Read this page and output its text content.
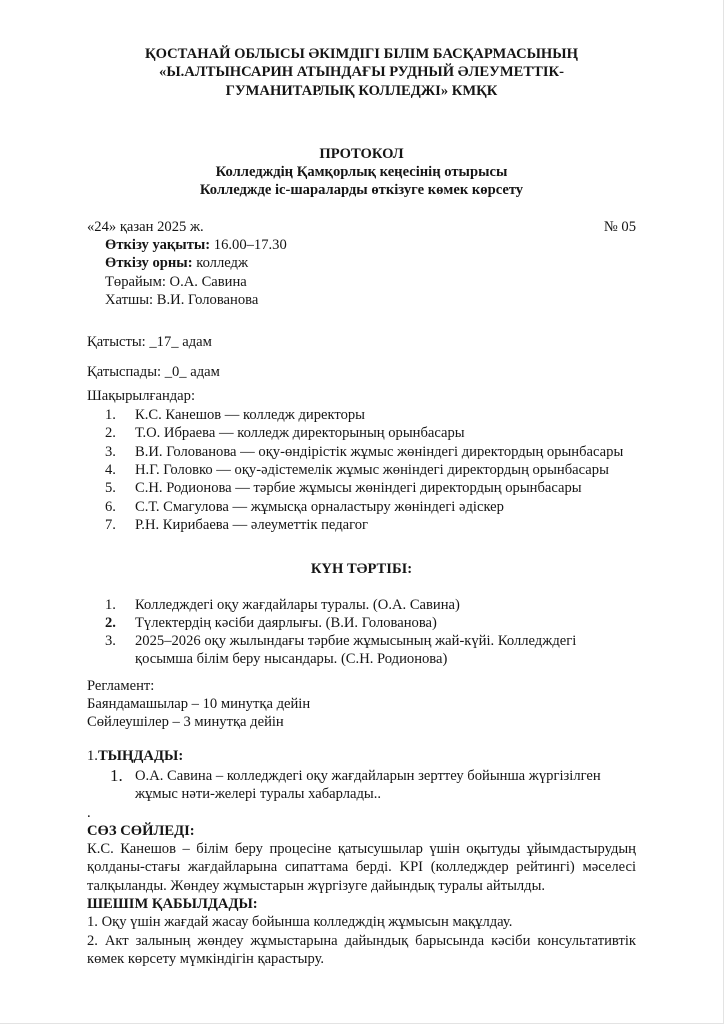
ҚОСТАНАЙ ОБЛЫСЫ ӘКІМДІГІ БІЛІМ БАСҚАРМАСЫНЫҢ «Ы.АЛТЫНСАРИН АТЫНДАҒЫ РУДНЫЙ ӘЛЕУМЕТТІК-ГУМАНИТАРЛЫҚ КОЛЛЕДЖІ» КМҚК
ПРОТОКОЛ
Колледждің Қамқорлық кеңесінің отырысы
Колледжде іс-шараларды өткізуге көмек көрсету
«24» қазан 2025 ж.	№ 05
Өткізу уақыты: 16.00–17.30
Өткізу орны: колледж
Төрайым: О.А. Савина
Хатшы: В.И. Голованова
Қатысты: _17_ адам
Қатыспады: _0_ адам
Шақырылғандар:
1.	К.С. Канешов — колледж директоры
2.	Т.О. Ибраева — колледж директорының орынбасары
3.	В.И. Голованова — оқу-өндірістік жұмыс жөніндегі директордың орынбасары
4.	Н.Г. Головко — оқу-әдістемелік жұмыс жөніндегі директордың орынбасары
5.	С.Н. Родионова — тәрбие жұмысы жөніндегі директордың орынбасары
6.	С.Т. Смагулова — жұмысқа орналастыру жөніндегі әдіскер
7.	Р.Н. Кирибаева — әлеуметтік педагог
КҮН ТӘРТІБІ:
1.	Колледждегі оқу жағдайлары туралы. (О.А. Савина)
2.	Түлектердің кәсіби даярлығы. (В.И. Голованова)
3.	2025–2026 оқу жылындағы тәрбие жұмысының жай-күйі. Колледждегі қосымша білім беру нысандары. (С.Н. Родионова)
Регламент:
Баяндамашылар – 10 минутқа дейін
Сөйлеушілер – 3 минутқа дейін
1.ТЫҢДАДЫ:
1. О.А. Савина – колледждегі оқу жағдайларын зерттеу бойынша жүргізілген жұмыс нәти-желері туралы хабарлады..
.
СӨЗ СӨЙЛЕДІ:
К.С. Канешов – білім беру процесіне қатысушылар үшін оқытуды ұйымдастырудың қолданы-стағы жағдайларына сипаттама берді. KPI (колледждер рейтингі) мәселесі талқыланды. Жөндеу жұмыстарын жүргізуге дайындық туралы айтылды.
ШЕШІМ ҚАБЫЛДАДЫ:
1. Оқу үшін жағдай жасау бойынша колледждің жұмысын мақұлдау.
2. Акт залының жөндеу жұмыстарына дайындық барысында кәсіби консультативтік көмек көрсету мүмкіндігін қарастыру.
